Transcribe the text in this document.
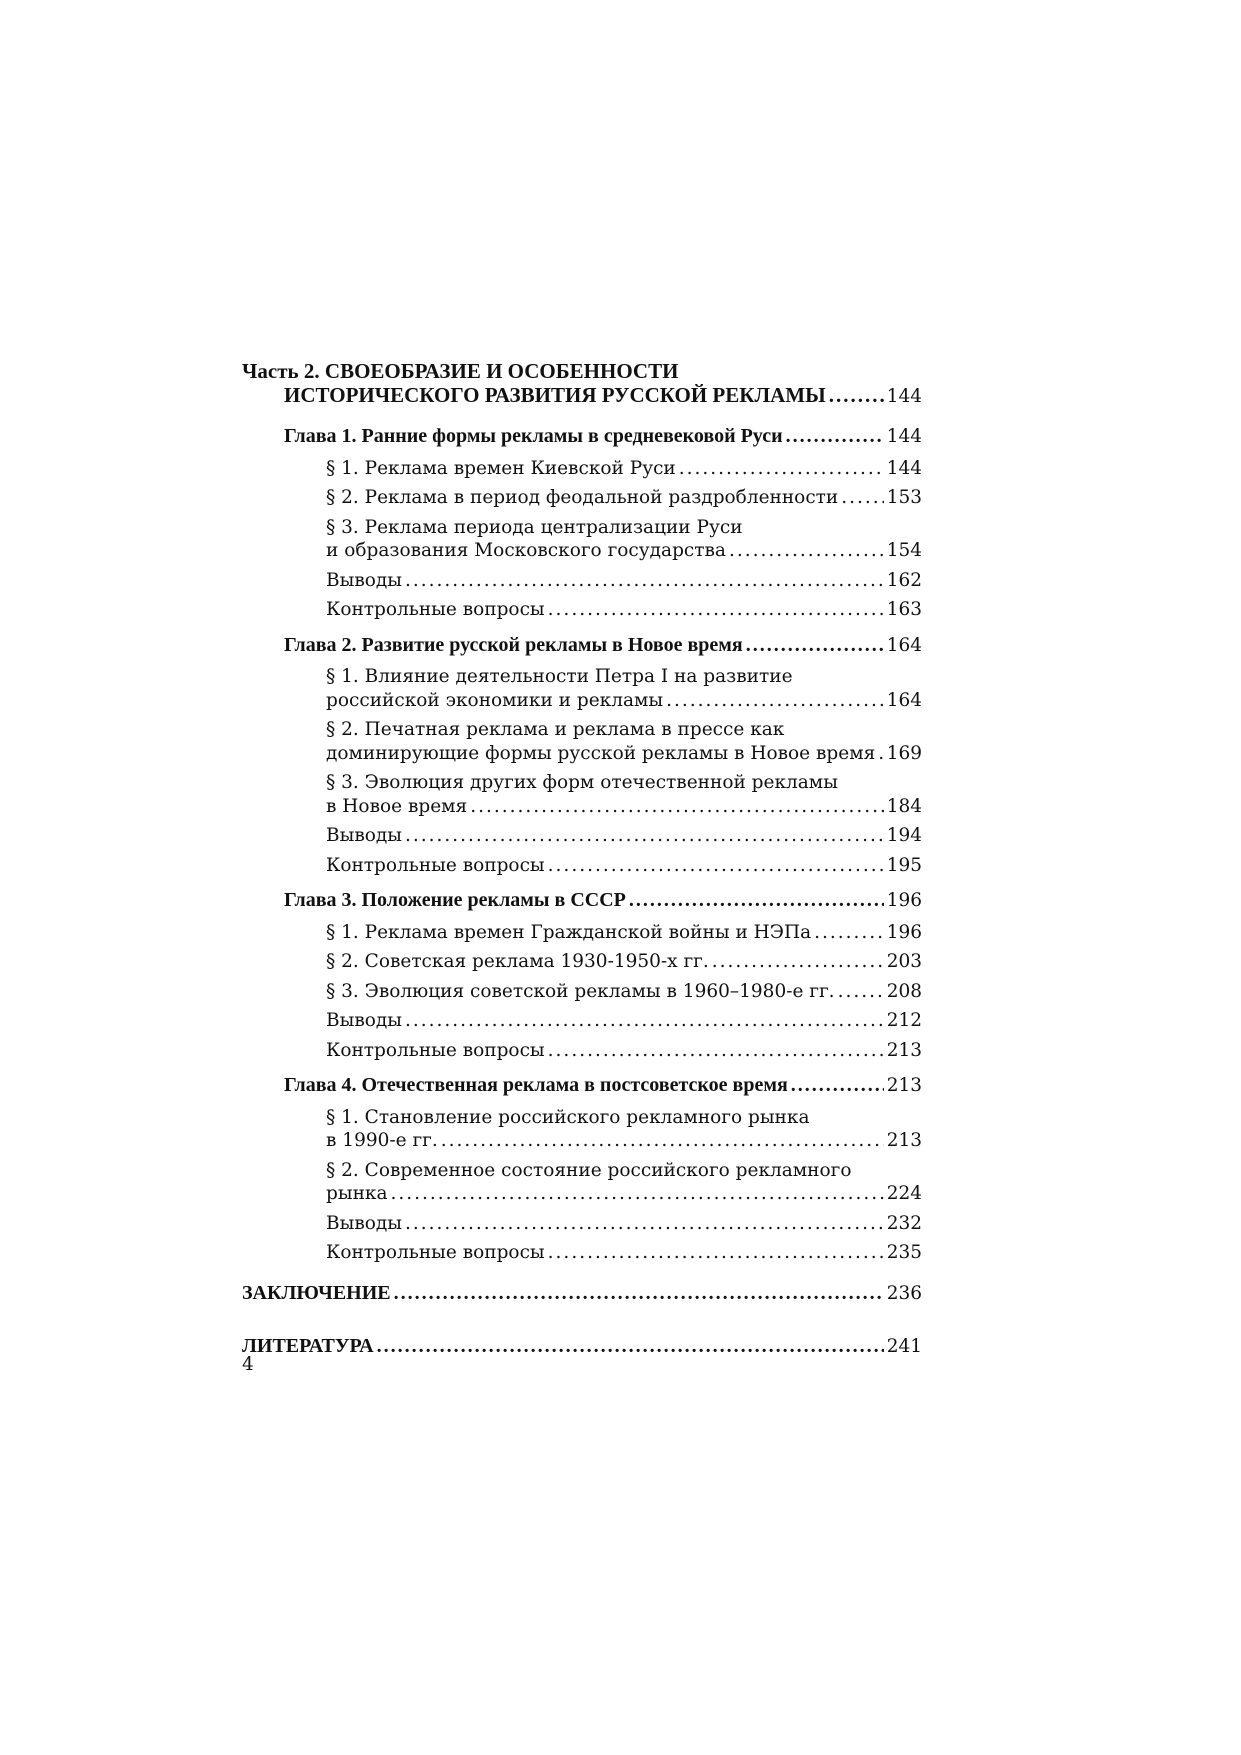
Часть 2. СВОЕОБРАЗИЕ И ОСОБЕННОСТИ
ИСТОРИЧЕСКОГО РАЗВИТИЯ РУССКОЙ РЕКЛАМЫ .....	144
Глава 1. Ранние формы рекламы в средневековой Руси .....	144
§ 1. Реклама времен Киевской Руси .....	144
§ 2. Реклама в период феодальной раздробленности .....	153
§ 3. Реклама периода централизации Руси
и образования Московского государства .....	154
Выводы .....	162
Контрольные вопросы .....	163
Глава 2. Развитие русской рекламы в Новое время .....	164
§ 1. Влияние деятельности Петра I на развитие
российской экономики и рекламы .....	164
§ 2. Печатная реклама и реклама в прессе как
доминирующие формы русской рекламы в Новое время ..... 169
§ 3. Эволюция других форм отечественной рекламы
в Новое время .....	184
Выводы .....	194
Контрольные вопросы .....	195
Глава 3. Положение рекламы в СССР .....	196
§ 1. Реклама времен Гражданской войны и НЭПа .....	196
§ 2. Советская реклама 1930-1950-х гг. .....	203
§ 3. Эволюция советской рекламы в 1960–1980-е гг. .....	208
Выводы .....	212
Контрольные вопросы .....	213
Глава 4. Отечественная реклама в постсоветское время .....	213
§ 1. Становление российского рекламного рынка
в 1990-е гг. .....	213
§ 2. Современное состояние российского рекламного
рынка .....	224
Выводы .....	232
Контрольные вопросы .....	235
ЗАКЛЮЧЕНИЕ .....	236
ЛИТЕРАТУРА .....	241
4
